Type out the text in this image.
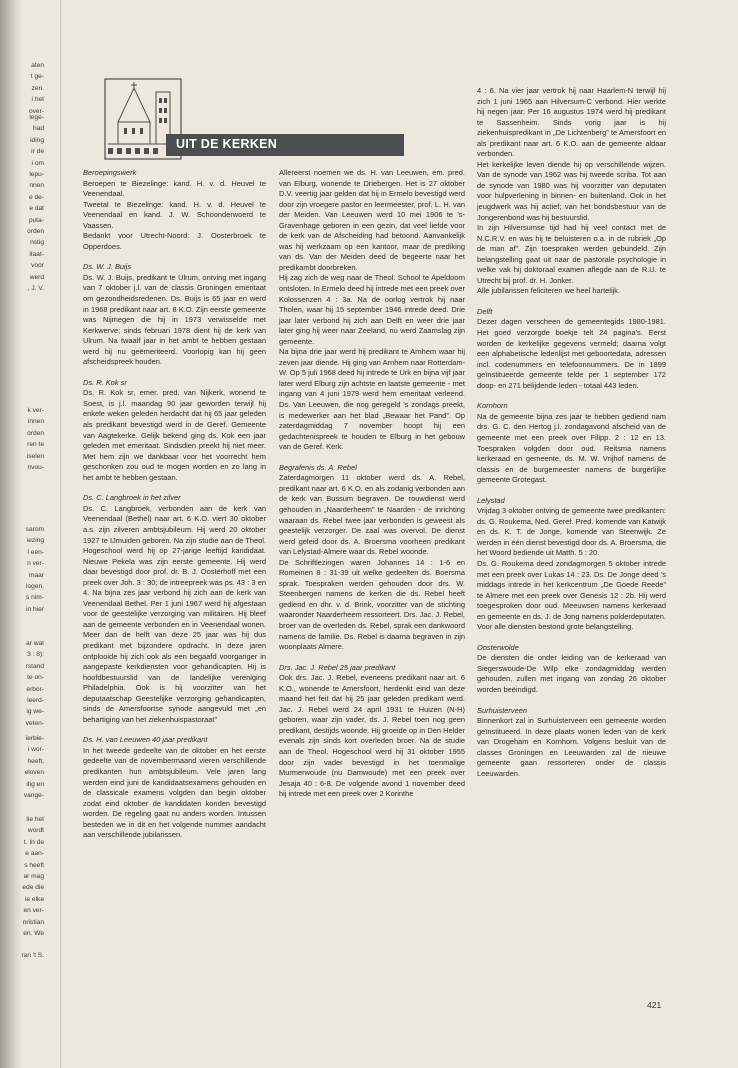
aten
t ge-
zen.
i het
over-
lege-
had
iding
ir de
i om
lepu-
nnen
e de-
e dat
puta-
orden
nstig
itaat-
voor
werd
, J. V.
k ver-
innen
orden
ren te
iselen
nvou-
sarom
iezing
l een-
n ver-
maar
logen,
s nim-
in hier
ar wat
3 : 8):
rstand
te on-
erbor-
leerd-
ig we-
veten-
ierbie-
i wor-
heeft,
eloven
itig en
vange-
lie het
wordt
t. In de
e aan-
s heeft
ar mag
ede die
ie elke
en ver-
nristian
en. We
ran 't S.
UIT DE KERKEN

Beroepingswerk

Beroepen te Biezelinge: kand. H. v. d. Heuvel te Veenendaal.

Tweetal te Biezelinge: kand. H. v. d. Heuvel te Veenendaal en kand. J. W. Schoonderwoerd te Vaassen.

Bedankt voor Utrecht-Noord: J. Oosterbroek te Opperdoes.

Ds. W. J. Buijs

Ds. W. J. Buijs, predikant te Ulrum, ontving met ingang van 7 oktober j.l. van de classis Groningen emeritaat om gezondheidsredenen. Ds. Buijs is 65 jaar en werd in 1968 predikant naar art. 8 K.O. Zijn eerste gemeente was Nijmegen die hij in 1973 verwisselde met Kerkwerve; sinds februari 1978 dient hij de kerk van Ulrum. Na twaalf jaar in het ambt te hebben gestaan werd hij nu geëmeriteerd. Voorlopig kan hij geen afscheidspreek houden.

Ds. R. Kok sr

Ds. R. Kok sr, emer. pred. van Nijkerk, wonend te Soest, is j.l. maandag 90 jaar geworden terwijl hij enkele weken geleden herdacht dat hij 65 jaar geleden als predikant bevestigd werd in de Geref. Gemeente van Aagtekerke. Gelijk bekend ging ds. Kok een jaar geleden met emeritaat. Sindsdien preekt hij niet meer. Met hem zijn we dankbaar voor het voorrecht hem geschonken zou oud te mogen worden en zo lang in het ambt te hebben gestaan.

Ds. C. Langbroek in het zilver

Ds. C. Langbroek, verbonden aan de kerk van Veenendaal (Bethel) naar art. 6 K.O. viert 30 oktober a.s. zijn zilveren ambtsjubileum. Hij werd 20 oktober 1927 te IJmuiden geboren. Na zijn studie aan de Theol. Hogeschool werd hij op 27-jarige leeftijd kandidaat. Nieuwe Pekela was zijn eerste gemeente. Hij werd daar bevestigd door prof. dr. B. J. Oosterhoff met een preek over Joh. 3 : 30; de intreepreek was ps. 43 : 3 en 4. Na bijna zes jaar verbond hij zich aan de kerk van Veenendaal Bethel. Per 1 juni 1967 werd hij afgestaan voor de geestelijke verzorging van militairen. Hij bleef aan de gemeente verbonden en in Veenendaal wonen. Meer dan de helft van deze 25 jaar was hij dus predikant met bijzondere opdracht. In deze jaren ontplooide hij zich ook als een begaafd voorganger in aangepaste kerkdiensten voor gehandicapten. Hij is hoofdbestuurslid van de landelijke vereniging Philadelphia. Ook is hij voorzitter van het deputaatschap Geestelijke verzorging gehandicapten, sinds de Amersfoortse synode aangevuld met „en behartiging van het ziekenhuispastoraat”

Ds. H. van Leeuwen 40 jaar predikant

In het tweede gedeelte van de oktober en het eerste gedeelte van de novembermaand vieren verschillende predikanten hun ambtsjubileum. Vele jaren lang werden eind juni de kandidaatsexamens gehouden en de classicale examens volgden dan begin oktober zodat eind oktober de kandidaten konden bevestigd worden. De regeling gaat nu anders worden. Intussen besteden we in dit en het volgende nummer aandacht aan verschillende jubilarissen.

Allereerst noemen we ds. H. van Leeuwen, em. pred. van Elburg, wonende te Driebergen. Het is 27 oktober D.V. veertig jaar gelden dat hij in Ermelo bevestigd werd door zijn vroegere pastor en leermeester, prof. L. H. van der Meiden. Van Leeuwen werd 10 mei 1906 te 's-Gravenhage geboren in een gezin, dat veel liefde voor de kerk van de Afscheiding had betoond. Aanvankelijk was hij werkzaam op een kantoor, maar de prediking van ds. Van der Meiden deed de begeerte naar het predikambt doorbreken.

Hij zag zich de weg naar de Theol. School te Apeldoorn ontsloten. In Ermelo deed hij intrede met een preek over Kolossenzen 4 : 3a. Na de oorlog vertrok hij naar Tholen, waar hij 15 september 1946 intrede deed. Drie jaar later verbond hij zich aan Delft en weer drie jaar later ging hij weer naar Zeeland, nu werd Zaamslag zijn gemeente.

Na bijna drie jaar werd hij predikant te Arnhem waar hij zeven jaar diende. Hij ging van Arnhem naar Rotterdam-W. Op 5 juli 1968 deed hij intrede te Urk en bijna vijf jaar later werd Elburg zijn achtste en laatste gemeente - met ingang van 4 juni 1979 werd hem emeritaat verleend. Ds. Van Leeuwen, die nog geregeld 's zondags preekt, is medewerker aan het blad „Bewaar het Pand”. Op zaterdagmiddag 7 november hoopt hij een gedachtenispreek te houden te Elburg in het gebouw van de Geref. Kerk.

Begrafenis ds. A. Rebel

Zaterdagmorgen 11 oktober werd ds. A. Rebel, predikant naar art. 6 K.O. en als zodanig verbonden aan de kerk van Bussum begraven. De rouwdienst werd gehouden in „Naarderheem” te Naarden - de inrichting waaraan ds. Rebel twee jaar verbonden is geweest als geestelijk verzorger. De zaal was overvol. De dienst werd geleid door ds. A. Broersma voorheen predikant van Lelystad-Almere waar ds. Rebel woonde.

De Schriftlezingen waren Johannes 14 : 1-6 en Romeinen 8 : 31-39 uit welke gedeelten ds. Boersma sprak. Toespraken werden gehouden door drs. W. Steenbergen namens de kerken die ds. Rebel heeft gediend en dhr. v. d. Brink, voorzitter van de stichting waaronder Naarderheem ressorteert. Drs. Jac. J. Rebel, broer van de overleden ds. Rebel, sprak een dankwoord namens de familie. Ds. Rebel is daarna begraven in zijn woonplaats Almere.

Drs. Jac. J. Rebel 25 jaar predikant

Ook drs. Jac. J. Rebel, eveneens predikant naar art. 6 K.O., wonende te Amersfoort, herdenkt eind van deze maand het feit dat hij 25 jaar geleden predikant werd. Jac. J. Rebel werd 24 april 1931 te Huizen (N-H) geboren, waar zijn vader, ds. J. Rebel toen nog geen predikant, destijds woonde. Hij groeide op in Den Helder evenals zijn sinds kort overleden broer. Na de studie aan de Theol. Hogeschool werd hij 31 oktober 1955 door zijn vader bevestigd in het toenmalige Murmerwoude (nu Damwoude) met een preek over Jesaja 40 : 6-8. De volgende avond 1 november deed hij intrede met een preek over 2 Korinthe

4 : 6. Na vier jaar vertrok hij naar Haarlem-N terwijl hij zich 1 juni 1965 aan Hilversum-C verbond. Hier werkte hij negen jaar. Per 16 augustus 1974 werd hij predikant te Sassenheim. Sinds vorig jaar is hij ziekenhuispredikant in „De Lichtenberg” te Amersfoort en als predikant naar art. 6 K.O. aan de gemeente aldaar verbonden.

Het kerkelijke leven diende hij op verschillende wijzen. Van de synode van 1962 was hij tweede scriba. Tot aan de synode van 1980 was hij voorzitter van deputaten voor hulpverlening in binnen- en buitenland. Ook in het jeugdwerk was hij actief; van het bondsbestuur van de Jongerenbond was hij bestuurslid.

In zijn Hilversumse tijd had hij veel contact met de N.C.R.V. en was hij te beluisteren o.a. in de rubriek „Op de man af”. Zijn toespraken werden gebundeld. Zijn belangstelling gaat uit naar de pastorale psychologie in welke vak hij doktoraal examen aflegde aan de R.U. te Utrecht bij prof. dr. H. Jonker.

Alle jubilarissen feliciteren we heel hartelijk.

Delft

Dezer dagen verscheen de gemeentegids 1980-1981. Het goed verzorgde boekje telt 24 pagina's. Eerst worden de kerkelijke gegevens vermeld; daarna volgt een alphabetische ledenlijst met geboortedata, adressen incl. codenummers en telefoonnummers. De in 1899 geïnstitueerde gemeente telde per 1 september 172 doop- en 271 belijdende leden - totaal 443 leden.

Kornhorn

Na de gemeente bijna zes jaar te hebben gediend nam drs. G. C. den Hertog j.l. zondagavond afscheid van de gemeente met een preek over Filipp. 2 : 12 en 13. Toespraken volgden door oud. Reitsma namens kerkeraad en gemeente, ds. M. W. Vrijhof namens de classis en de burgemeester namens de burgerlijke gemeente Grotegast.

Lelystad

Vrijdag 3 oktober ontving de gemeente twee predikanten: ds. G. Roukema, Ned. Geref. Pred. komende van Katwijk en ds. K. T. de Jonge, komende van Steenwijk. Ze werden in één dienst bevestigd door ds. A. Broersma, die het Woord bediende uit Matth. 5 : 20.

Ds. G. Roukema deed zondagmorgen 5 oktober intrede met een preek over Lukas 14 : 23. Ds. De Jonge deed 's middags intrede in het kerkcentrum „De Goede Reede” te Almere met een preek over Genesis 12 : 2b. Hij werd toegesproken door oud. Meeuwsen namens kerkeraad en gemeente en ds. J. de Jong namens polderdeputaten. Voor alle diensten bestond grote belangstelling.

Oosterwolde

De diensten die onder leiding van de kerkeraad van Siegerswoude-De Wilp elke zondagmiddag werden gehouden, zullen met ingang van zondag 26 oktober worden beëindigd.

Surhuisterveen

Binnenkort zal in Surhuisterveen een gemeente worden geïnstitueerd. In deze plaats wonen leden van de kerk van Drogeham en Kornhorn. Volgens besluit van de classes Groningen en Leeuwarden zal de nieuwe gemeente gaan ressorteren onder de classis Leeuwarden.

421
